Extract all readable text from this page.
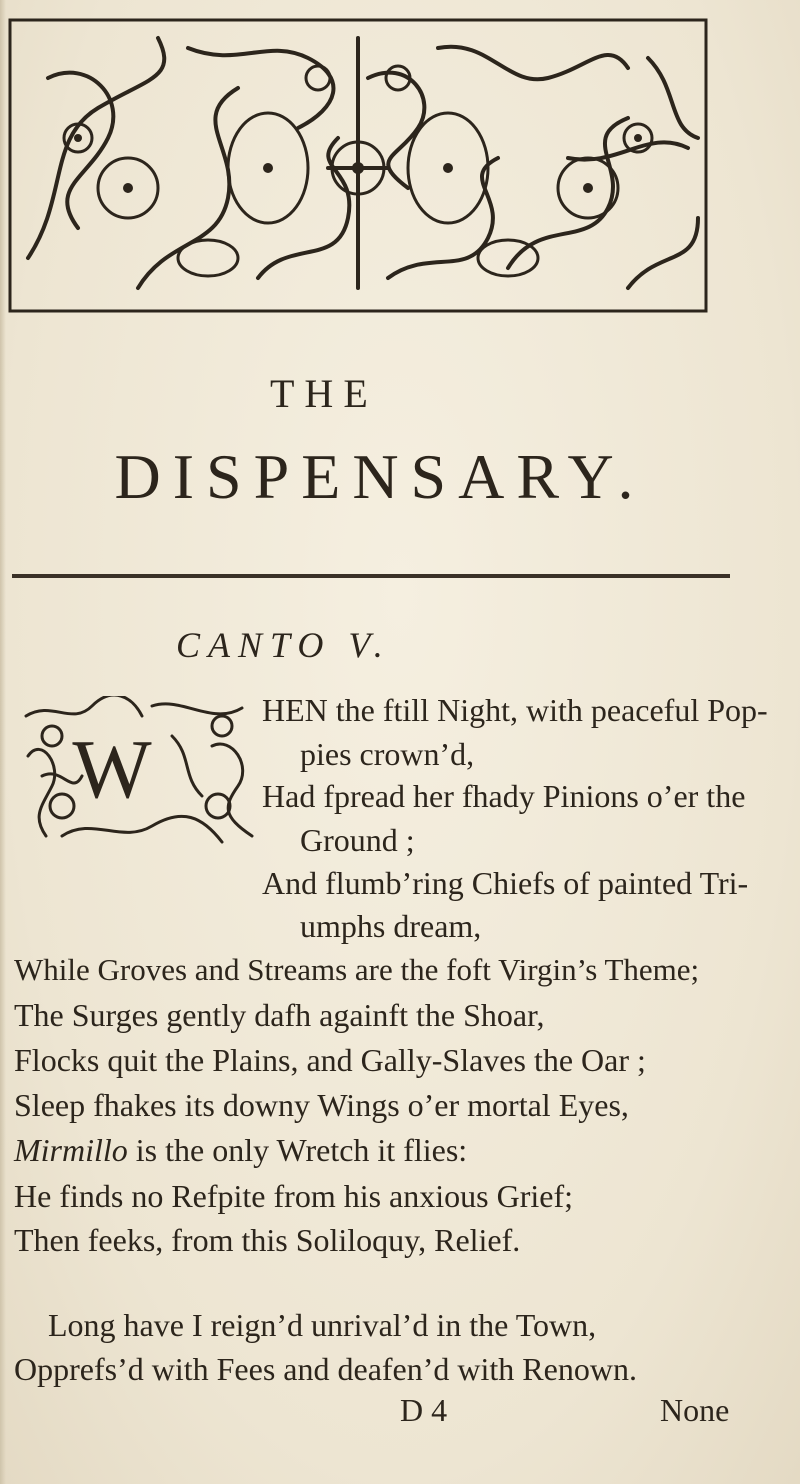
THE
DISPENSARY.
CANTO V.
W
HEN the ftill Night, with peaceful Pop-
pies crown’d,
Had fpread her fhady Pinions o’er the
Ground ;
And flumb’ring Chiefs of painted Tri-
umphs dream,
While Groves and Streams are the foft Virgin’s Theme;
The Surges gently dafh againft the Shoar,
Flocks quit the Plains, and Gally-Slaves the Oar ;
Sleep fhakes its downy Wings o’er mortal Eyes,
Mirmillo is the only Wretch it flies:
He finds no Refpite from his anxious Grief;
Then feeks, from this Soliloquy, Relief.
Long have I reign’d unrival’d in the Town,
Opprefs’d with Fees and deafen’d with Renown.
D 4	None
